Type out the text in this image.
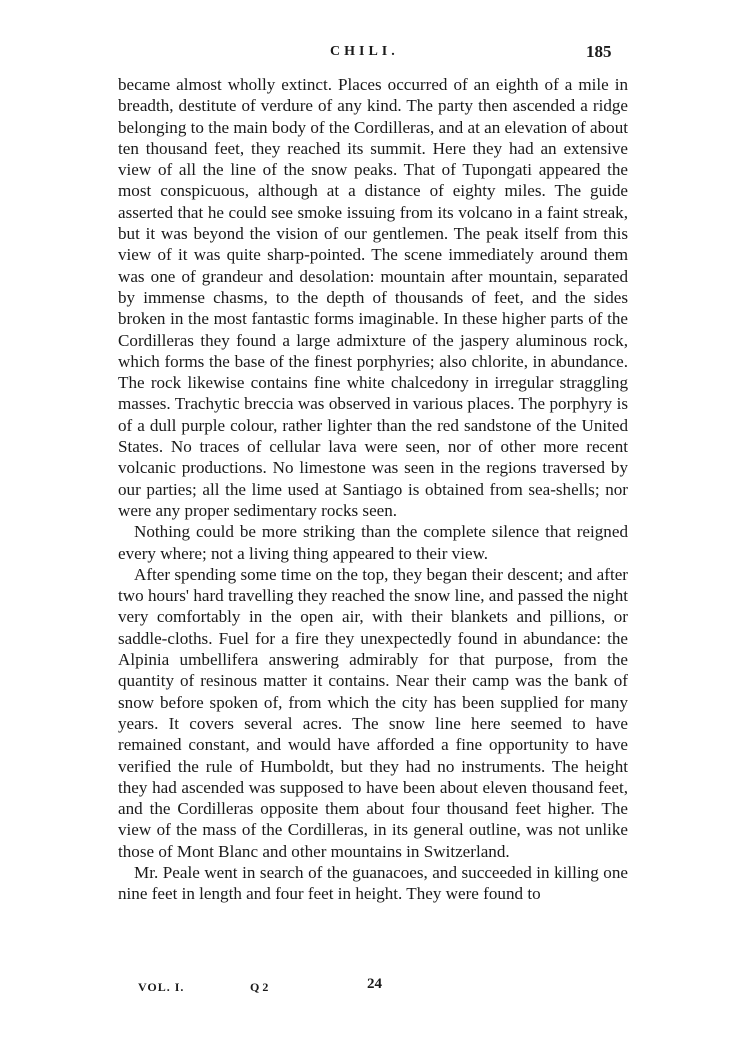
CHILI.	185

became almost wholly extinct. Places occurred of an eighth of a mile in breadth, destitute of verdure of any kind. The party then ascended a ridge belonging to the main body of the Cordilleras, and at an elevation of about ten thousand feet, they reached its summit. Here they had an extensive view of all the line of the snow peaks. That of Tupongati appeared the most conspicuous, although at a distance of eighty miles. The guide asserted that he could see smoke issuing from its volcano in a faint streak, but it was beyond the vision of our gentlemen. The peak itself from this view of it was quite sharp-pointed. The scene immediately around them was one of grandeur and desolation: mountain after mountain, separated by immense chasms, to the depth of thousands of feet, and the sides broken in the most fantastic forms imaginable. In these higher parts of the Cordilleras they found a large admixture of the jaspery aluminous rock, which forms the base of the finest porphyries; also chlorite, in abundance. The rock likewise contains fine white chalcedony in irregular straggling masses. Trachytic breccia was observed in various places. The porphyry is of a dull purple colour, rather lighter than the red sandstone of the United States. No traces of cellular lava were seen, nor of other more recent volcanic productions. No limestone was seen in the regions traversed by our parties; all the lime used at Santiago is obtained from sea-shells; nor were any proper sedimentary rocks seen.

Nothing could be more striking than the complete silence that reigned every where; not a living thing appeared to their view.

After spending some time on the top, they began their descent; and after two hours' hard travelling they reached the snow line, and passed the night very comfortably in the open air, with their blankets and pillions, or saddle-cloths. Fuel for a fire they unexpectedly found in abundance: the Alpinia umbellifera answering admirably for that purpose, from the quantity of resinous matter it contains. Near their camp was the bank of snow before spoken of, from which the city has been supplied for many years. It covers several acres. The snow line here seemed to have remained constant, and would have afforded a fine opportunity to have verified the rule of Humboldt, but they had no instruments. The height they had ascended was supposed to have been about eleven thousand feet, and the Cordilleras opposite them about four thousand feet higher. The view of the mass of the Cordilleras, in its general outline, was not unlike those of Mont Blanc and other mountains in Switzerland.

Mr. Peale went in search of the guanacoes, and succeeded in killing one nine feet in length and four feet in height. They were found to

VOL. I.	Q 2	24
